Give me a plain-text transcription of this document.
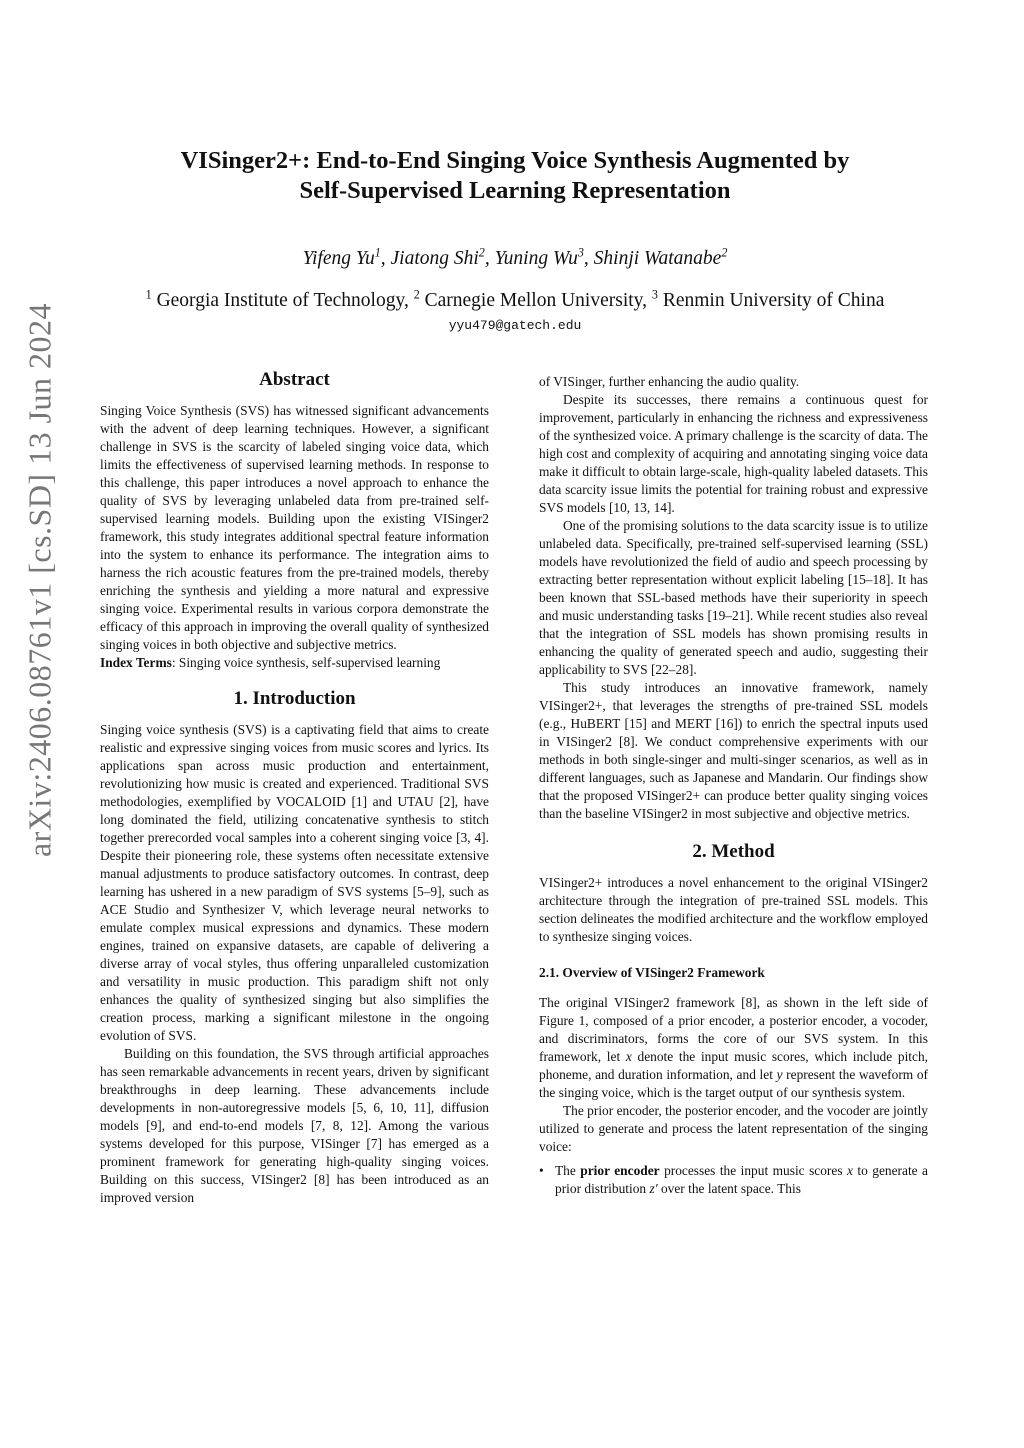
arXiv:2406.08761v1 [cs.SD] 13 Jun 2024
VISinger2+: End-to-End Singing Voice Synthesis Augmented by
Self-Supervised Learning Representation
Yifeng Yu$^1$, Jiatong Shi$^2$, Yuning Wu$^3$, Shinji Watanabe$^2$
$^1$ Georgia Institute of Technology, $^2$ Carnegie Mellon University, $^3$ Renmin University of China
yyu479@gatech.edu
Abstract

Singing Voice Synthesis (SVS) has witnessed significant advancements with the advent of deep learning techniques. However, a significant challenge in SVS is the scarcity of labeled singing voice data, which limits the effectiveness of supervised learning methods. In response to this challenge, this paper introduces a novel approach to enhance the quality of SVS by leveraging unlabeled data from pre-trained self-supervised learning models. Building upon the existing VISinger2 framework, this study integrates additional spectral feature information into the system to enhance its performance. The integration aims to harness the rich acoustic features from the pre-trained models, thereby enriching the synthesis and yielding a more natural and expressive singing voice. Experimental results in various corpora demonstrate the efficacy of this approach in improving the overall quality of synthesized singing voices in both objective and subjective metrics.

Index Terms: Singing voice synthesis, self-supervised learning

1. Introduction

Singing voice synthesis (SVS) is a captivating field that aims to create realistic and expressive singing voices from music scores and lyrics. Its applications span across music production and entertainment, revolutionizing how music is created and experienced. Traditional SVS methodologies, exemplified by VOCALOID [1] and UTAU [2], have long dominated the field, utilizing concatenative synthesis to stitch together prerecorded vocal samples into a coherent singing voice [3, 4]. Despite their pioneering role, these systems often necessitate extensive manual adjustments to produce satisfactory outcomes. In contrast, deep learning has ushered in a new paradigm of SVS systems [5–9], such as ACE Studio and Synthesizer V, which leverage neural networks to emulate complex musical expressions and dynamics. These modern engines, trained on expansive datasets, are capable of delivering a diverse array of vocal styles, thus offering unparalleled customization and versatility in music production. This paradigm shift not only enhances the quality of synthesized singing but also simplifies the creation process, marking a significant milestone in the ongoing evolution of SVS.

Building on this foundation, the SVS through artificial approaches has seen remarkable advancements in recent years, driven by significant breakthroughs in deep learning. These advancements include developments in non-autoregressive models [5, 6, 10, 11], diffusion models [9], and end-to-end models [7, 8, 12]. Among the various systems developed for this purpose, VISinger [7] has emerged as a prominent framework for generating high-quality singing voices. Building on this success, VISinger2 [8] has been introduced as an improved version

of VISinger, further enhancing the audio quality.

Despite its successes, there remains a continuous quest for improvement, particularly in enhancing the richness and expressiveness of the synthesized voice. A primary challenge is the scarcity of data. The high cost and complexity of acquiring and annotating singing voice data make it difficult to obtain large-scale, high-quality labeled datasets. This data scarcity issue limits the potential for training robust and expressive SVS models [10, 13, 14].

One of the promising solutions to the data scarcity issue is to utilize unlabeled data. Specifically, pre-trained self-supervised learning (SSL) models have revolutionized the field of audio and speech processing by extracting better representation without explicit labeling [15–18]. It has been known that SSL-based methods have their superiority in speech and music understanding tasks [19–21]. While recent studies also reveal that the integration of SSL models has shown promising results in enhancing the quality of generated speech and audio, suggesting their applicability to SVS [22–28].

This study introduces an innovative framework, namely VISinger2+, that leverages the strengths of pre-trained SSL models (e.g., HuBERT [15] and MERT [16]) to enrich the spectral inputs used in VISinger2 [8]. We conduct comprehensive experiments with our methods in both single-singer and multi-singer scenarios, as well as in different languages, such as Japanese and Mandarin. Our findings show that the proposed VISinger2+ can produce better quality singing voices than the baseline VISinger2 in most subjective and objective metrics.

2. Method

VISinger2+ introduces a novel enhancement to the original VISinger2 architecture through the integration of pre-trained SSL models. This section delineates the modified architecture and the workflow employed to synthesize singing voices.

2.1. Overview of VISinger2 Framework

The original VISinger2 framework [8], as shown in the left side of Figure 1, composed of a prior encoder, a posterior encoder, a vocoder, and discriminators, forms the core of our SVS system. In this framework, let x denote the input music scores, which include pitch, phoneme, and duration information, and let y represent the waveform of the singing voice, which is the target output of our synthesis system.

The prior encoder, the posterior encoder, and the vocoder are jointly utilized to generate and process the latent representation of the singing voice:

• The prior encoder processes the input music scores x to generate a prior distribution z′ over the latent space. This
